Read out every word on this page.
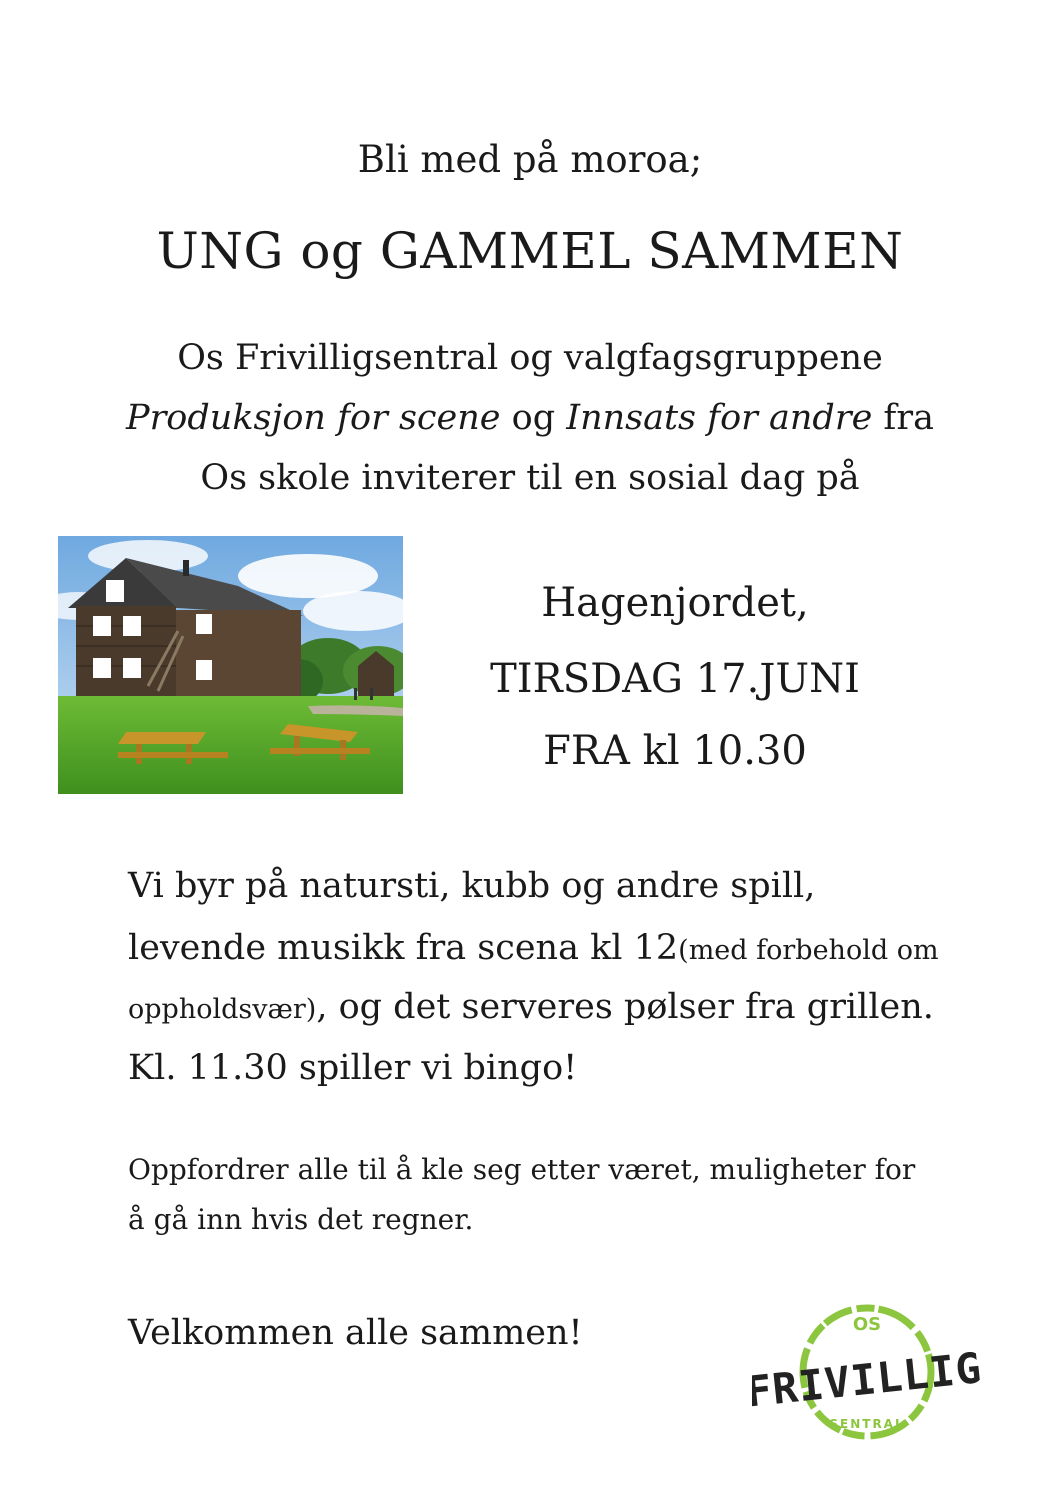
Bli med på moroa;
UNG og GAMMEL SAMMEN
Os Frivilligsentral og valgfagsgruppene
Produksjon for scene og Innsats for andre fra
Os skole inviterer til en sosial dag på
Hagenjordet,
TIRSDAG 17.JUNI
FRA kl 10.30
Vi byr på natursti, kubb og andre spill,
levende musikk fra scena kl 12(med forbehold om
oppholdsvær), og det serveres pølser fra grillen.
Kl. 11.30 spiller vi bingo!
Oppfordrer alle til å kle seg etter været, muligheter for
å gå inn hvis det regner.
Velkommen alle sammen!	OS
FRIVILLIG
SENTRAL
